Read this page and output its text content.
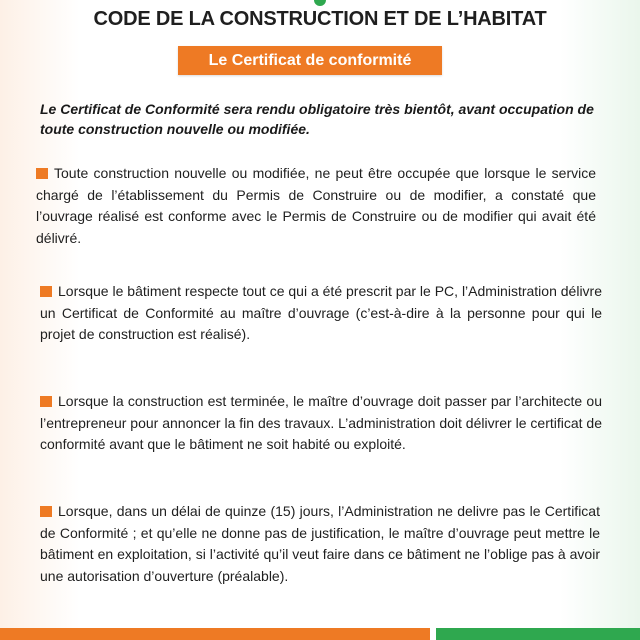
CODE DE LA CONSTRUCTION ET DE L’HABITAT
Le Certificat de conformité
Le Certificat de Conformité sera rendu obligatoire très bientôt, avant occupation de toute construction nouvelle ou modifiée.
Toute construction nouvelle ou modifiée, ne peut être occupée que lorsque le service chargé de l’établissement du Permis de Construire ou de modifier, a constaté que l’ouvrage réalisé est conforme avec le Permis de Construire ou de modifier qui avait été délivré.
Lorsque le bâtiment respecte tout ce qui a été prescrit par le PC, l’Administration délivre un Certificat de Conformité au maître d’ouvrage (c’est-à-dire à la personne pour qui le projet de construction est réalisé).
Lorsque la construction est terminée, le maître d’ouvrage doit passer par l’architecte ou l’entrepreneur pour annoncer la fin des travaux. L’administration doit délivrer le certificat de conformité avant que le bâtiment ne soit habité ou exploité.
Lorsque, dans un délai de quinze (15) jours, l’Administration ne delivre pas le Certificat de Conformité ; et qu’elle ne donne pas de justification, le maître d’ouvrage peut mettre le bâtiment en exploitation, si l’activité qu’il veut faire dans ce bâtiment ne l’oblige pas à avoir une autorisation d’ouverture (préalable).
